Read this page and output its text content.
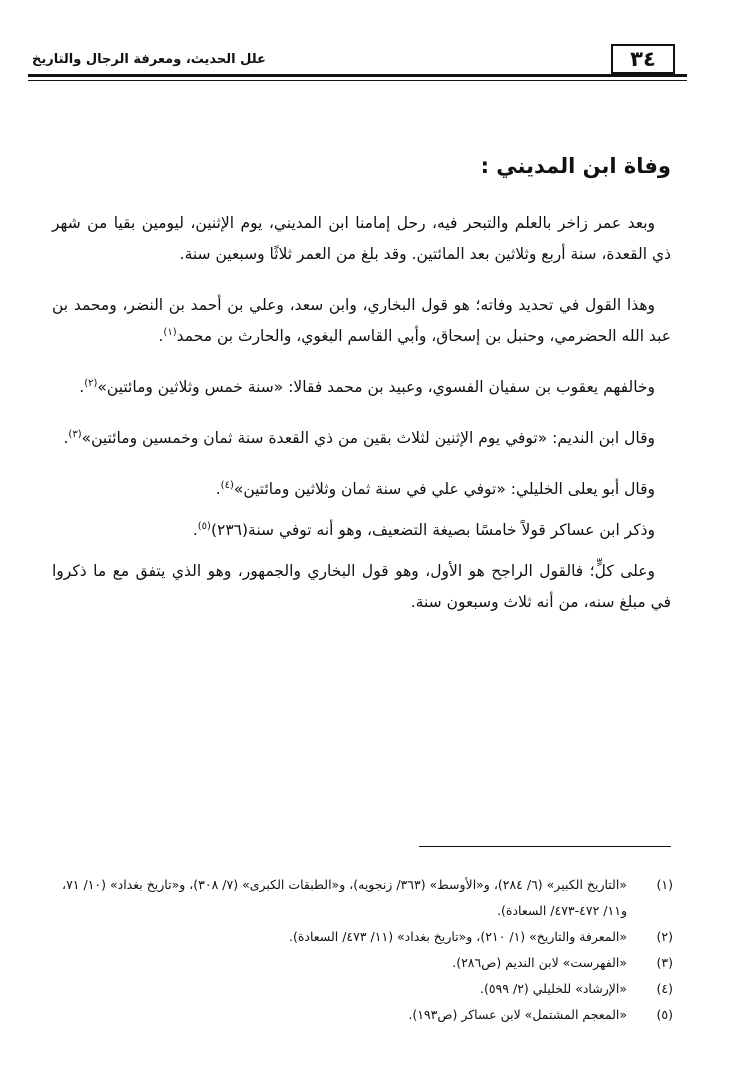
٣٤
علل الحديث، ومعرفة الرجال والتاريخ
وفاة ابن المديني :

وبعد عمر زاخر بالعلم والتبحر فيه، رحل إمامنا ابن المديني، يوم الإثنين، ليومين بقيا من شهر ذي القعدة، سنة أربع وثلاثين بعد المائتين. وقد بلغ من العمر ثلاثًا وسبعين سنة.

وهذا القول في تحديد وفاته؛ هو قول البخاري، وابن سعد، وعلي بن أحمد بن النضر، ومحمد بن عبد الله الحضرمي، وحنبل بن إسحاق، وأبي القاسم البغوي، والحارث بن محمد$^{(١)}$.

وخالفهم يعقوب بن سفيان الفسوي، وعبيد بن محمد فقالا: «سنة خمس وثلاثين ومائتين»$^{(٢)}$.

وقال ابن النديم: «توفي يوم الإثنين لثلاث بقين من ذي القعدة سنة ثمان وخمسين ومائتين»$^{(٣)}$.

وقال أبو يعلى الخليلي: «توفي علي في سنة ثمان وثلاثين ومائتين»$^{(٤)}$.

وذكر ابن عساكر قولاً خامسًا بصيغة التضعيف، وهو أنه توفي سنة(٢٣٦)$^{(٥)}$.

وعلى كلٍّ؛ فالقول الراجح هو الأول، وهو قول البخاري والجمهور، وهو الذي يتفق مع ما ذكروا في مبلغ سنه، من أنه ثلاث وسبعون سنة.

(١)
«التاريخ الكبير» (٦/ ٢٨٤)، و«الأوسط» (٣٦٣/ زنجويه)، و«الطبقات الكبرى» (٧/ ٣٠٨)، و«تاريخ بغداد» (١٠/ ٧١، و١١/ ٤٧٢-٤٧٣/ السعادة).
(٢)
«المعرفة والتاريخ» (١/ ٢١٠)، و«تاريخ بغداد» (١١/ ٤٧٣/ السعادة).
(٣)
«الفهرست» لابن النديم (ص٢٨٦).
(٤)
«الإرشاد» للخليلي (٢/ ٥٩٩).
(٥)
«المعجم المشتمل» لابن عساكر (ص١٩٣).
